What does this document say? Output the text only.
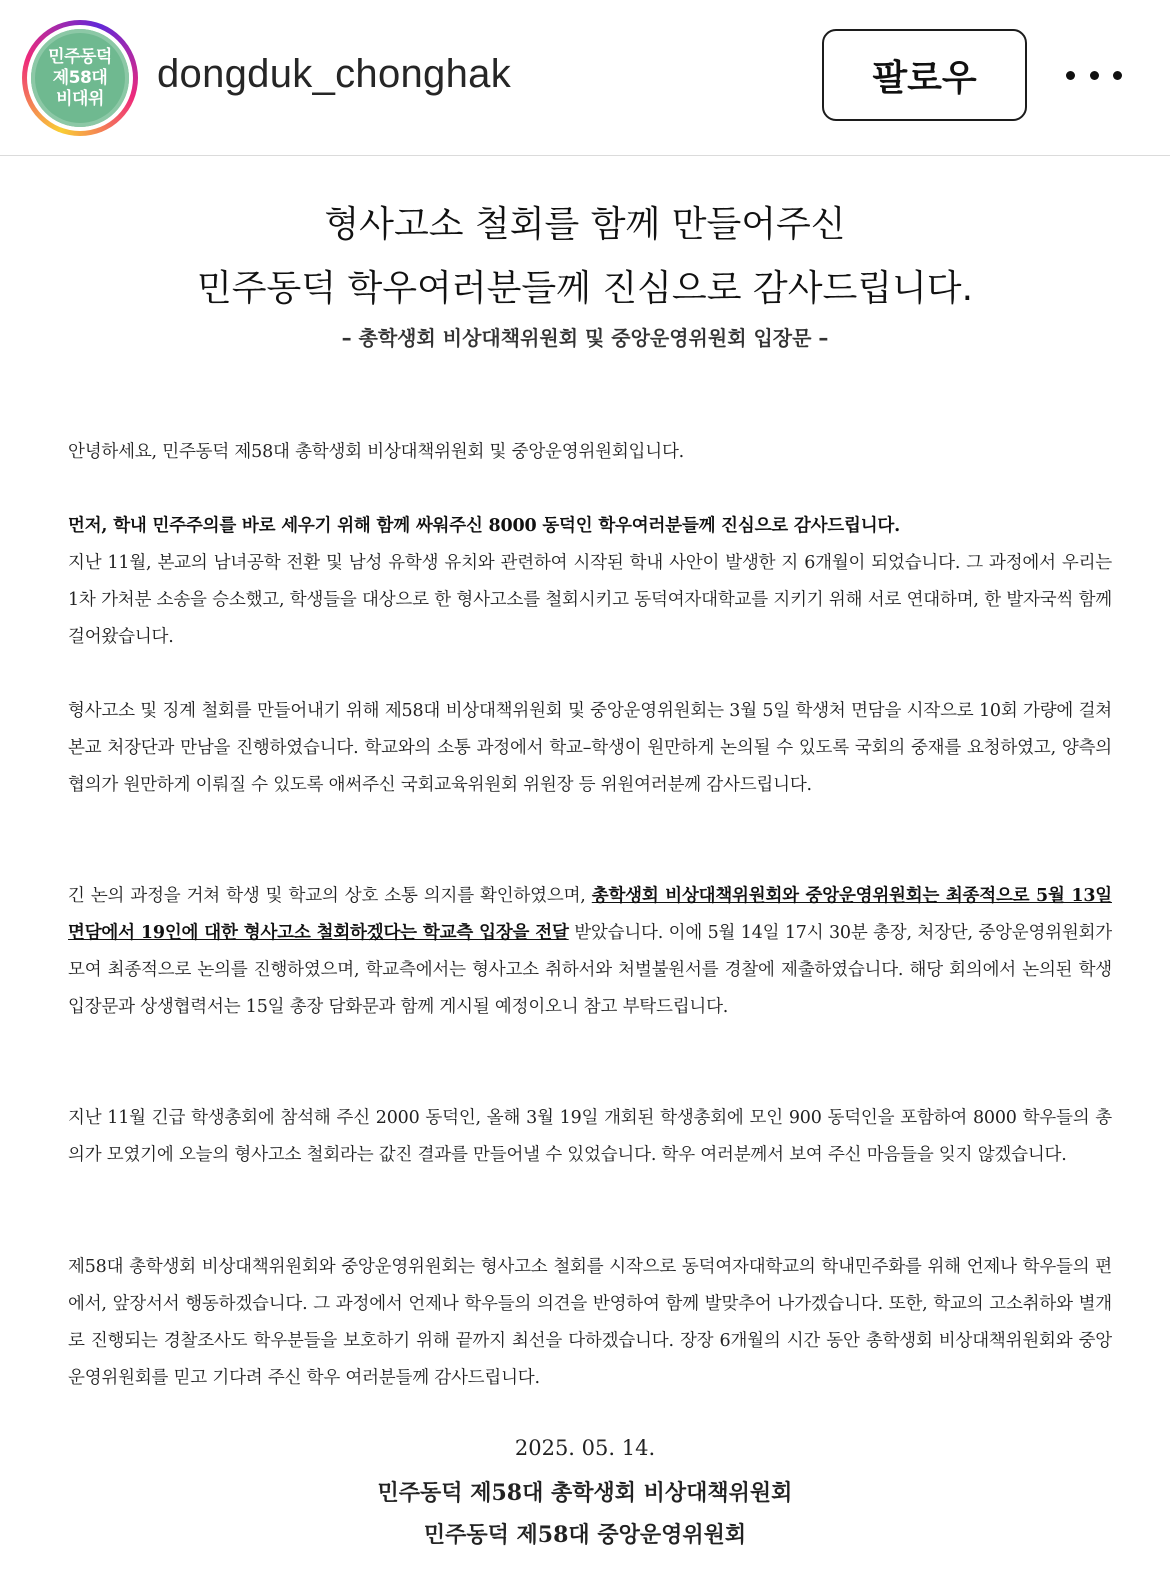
민주동덕
제58대
비대위
dongduk_chonghak	팔로우
형사고소 철회를 함께 만들어주신
민주동덕 학우여러분들께 진심으로 감사드립니다.
– 총학생회 비상대책위원회 및 중앙운영위원회 입장문 –
안녕하세요, 민주동덕 제58대 총학생회 비상대책위원회 및 중앙운영위원회입니다.
먼저, 학내 민주주의를 바로 세우기 위해 함께 싸워주신 8000 동덕인 학우여러분들께 진심으로 감사드립니다.
지난 11월, 본교의 남녀공학 전환 및 남성 유학생 유치와 관련하여 시작된 학내 사안이 발생한 지 6개월이 되었습니다. 그 과정에서 우리는 1차 가처분 소송을 승소했고, 학생들을 대상으로 한 형사고소를 철회시키고 동덕여자대학교를 지키기 위해 서로 연대하며, 한 발자국씩 함께 걸어왔습니다.
형사고소 및 징계 철회를 만들어내기 위해 제58대 비상대책위원회 및 중앙운영위원회는 3월 5일 학생처 면담을 시작으로 10회 가량에 걸쳐 본교 처장단과 만남을 진행하였습니다. 학교와의 소통 과정에서 학교–학생이 원만하게 논의될 수 있도록 국회의 중재를 요청하였고, 양측의 협의가 원만하게 이뤄질 수 있도록 애써주신 국회교육위원회 위원장 등 위원여러분께 감사드립니다.
긴 논의 과정을 거쳐 학생 및 학교의 상호 소통 의지를 확인하였으며, 총학생회 비상대책위원회와 중앙운영위원회는 최종적으로 5월 13일 면담에서 19인에 대한 형사고소 철회하겠다는 학교측 입장을 전달 받았습니다. 이에 5월 14일 17시 30분 총장, 처장단, 중앙운영위원회가 모여 최종적으로 논의를 진행하였으며, 학교측에서는 형사고소 취하서와 처벌불원서를 경찰에 제출하였습니다. 해당 회의에서 논의된 학생입장문과 상생협력서는 15일 총장 담화문과 함께 게시될 예정이오니 참고 부탁드립니다.
지난 11월 긴급 학생총회에 참석해 주신 2000 동덕인, 올해 3월 19일 개회된 학생총회에 모인 900 동덕인을 포함하여 8000 학우들의 총의가 모였기에 오늘의 형사고소 철회라는 값진 결과를 만들어낼 수 있었습니다. 학우 여러분께서 보여 주신 마음들을 잊지 않겠습니다.
제58대 총학생회 비상대책위원회와 중앙운영위원회는 형사고소 철회를 시작으로 동덕여자대학교의 학내민주화를 위해 언제나 학우들의 편에서, 앞장서서 행동하겠습니다. 그 과정에서 언제나 학우들의 의견을 반영하여 함께 발맞추어 나가겠습니다. 또한, 학교의 고소취하와 별개로 진행되는 경찰조사도 학우분들을 보호하기 위해 끝까지 최선을 다하겠습니다. 장장 6개월의 시간 동안 총학생회 비상대책위원회와 중앙운영위원회를 믿고 기다려 주신 학우 여러분들께 감사드립니다.
2025. 05. 14.
민주동덕 제58대 총학생회 비상대책위원회
민주동덕 제58대 중앙운영위원회
